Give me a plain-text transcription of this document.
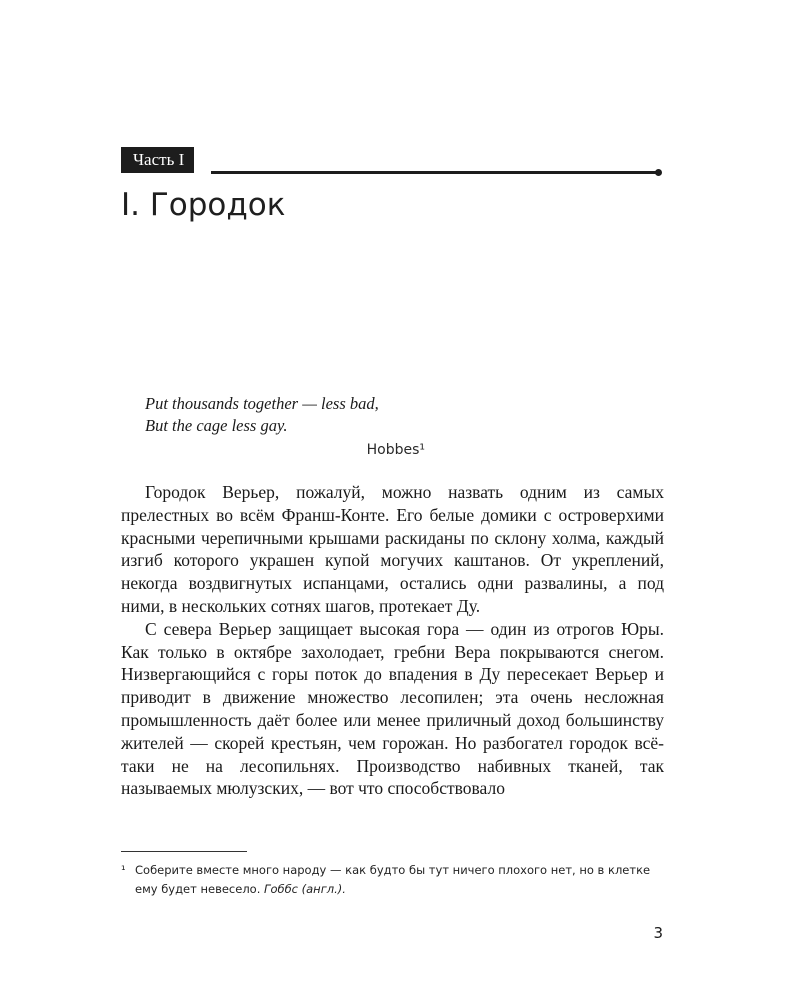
Часть I
I. Городок
Put thousands together — less bad,
But the cage less gay.
Hobbes¹

Городок Верьер, пожалуй, можно назвать одним из самых прелестных во всём Франш-Конте. Его белые домики с островерхими красными черепичными крышами раскиданы по склону холма, каждый изгиб которого украшен купой могучих каштанов. От укреплений, некогда воздвигнутых испанцами, остались одни развалины, а под ними, в нескольких сотнях шагов, протекает Ду.

С севера Верьер защищает высокая гора — один из отрогов Юры. Как только в октябре захолодает, гребни Вера покрываются снегом. Низвергающийся с горы поток до впадения в Ду пересекает Верьер и приводит в движение множество лесопилен; эта очень несложная промышленность даёт более или менее приличный доход большинству жителей — скорей крестьян, чем горожан. Но разбогател городок всё-таки не на лесопильнях. Производство набивных тканей, так называемых мюлузских, — вот что способствовало

¹ Соберите вместе много народу — как будто бы тут ничего плохого нет, но в клетке
ему будет невесело. Гоббс (англ.).
3
